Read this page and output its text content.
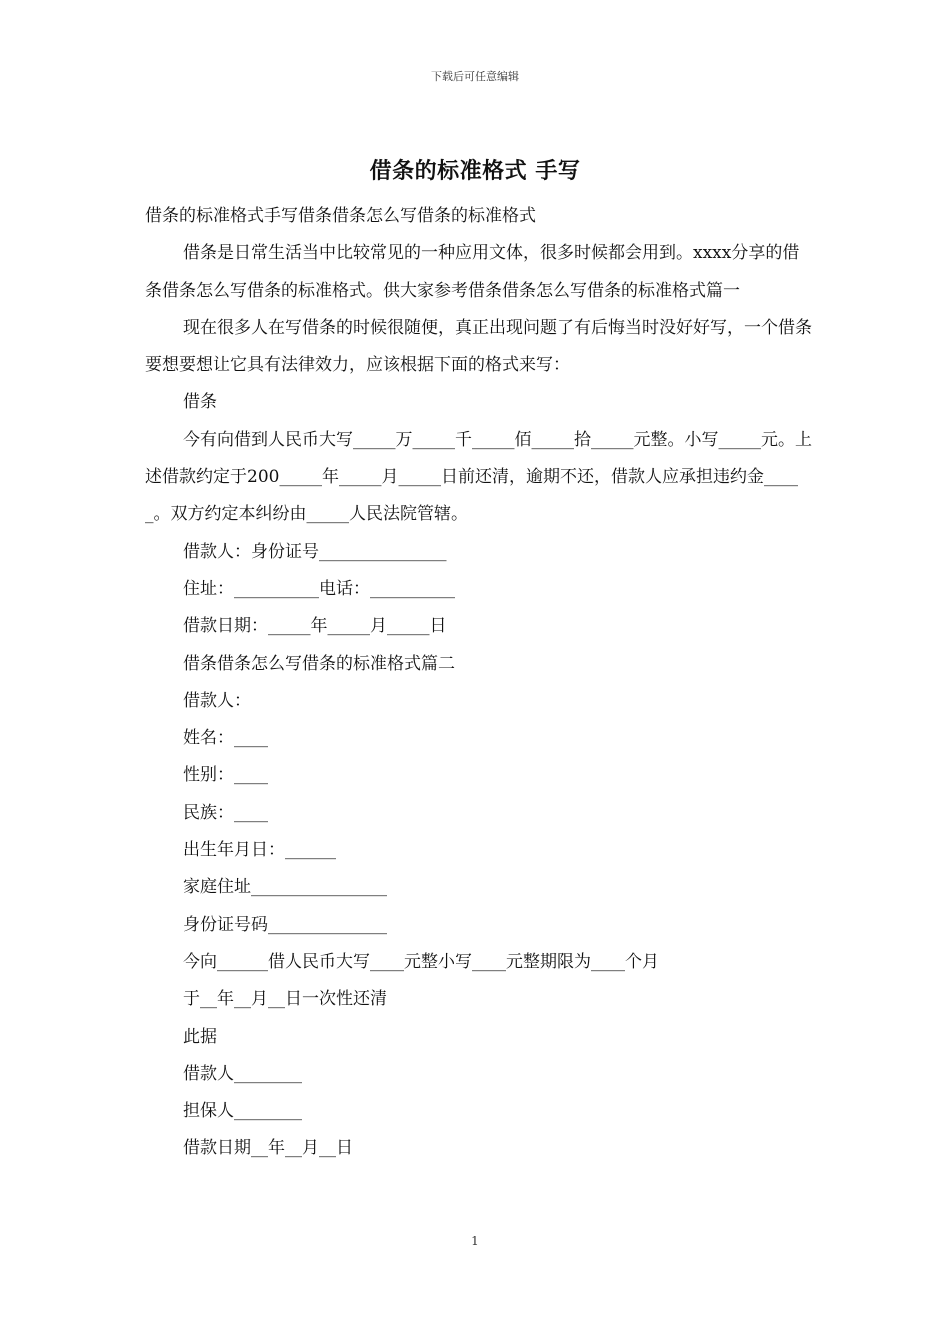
下载后可任意编辑
借条的标准格式 手写

借条的标准格式手写借条借条怎么写借条的标准格式

借条是日常生活当中比较常见的一种应用文体，很多时候都会用到。xxxx分享的借条借条怎么写借条的标准格式。供大家参考借条借条怎么写借条的标准格式篇一

现在很多人在写借条的时候很随便，真正出现问题了有后悔当时没好好写，一个借条要想要想让它具有法律效力，应该根据下面的格式来写：

借条

今有向借到人民币大写_____万_____千_____佰_____拾_____元整。小写_____元。上述借款约定于200_____年_____月_____日前还清，逾期不还，借款人应承担违约金_____。双方约定本纠纷由_____人民法院管辖。

借款人：身份证号_______________

住址：__________电话：__________

借款日期：_____年_____月_____日

借条借条怎么写借条的标准格式篇二

借款人：

姓名：____

性别：____

民族：____

出生年月日：______

家庭住址________________

身份证号码______________

今向______借人民币大写____元整小写____元整期限为____个月

于__年__月__日一次性还清

此据

借款人________

担保人________

借款日期__年__月__日

1
